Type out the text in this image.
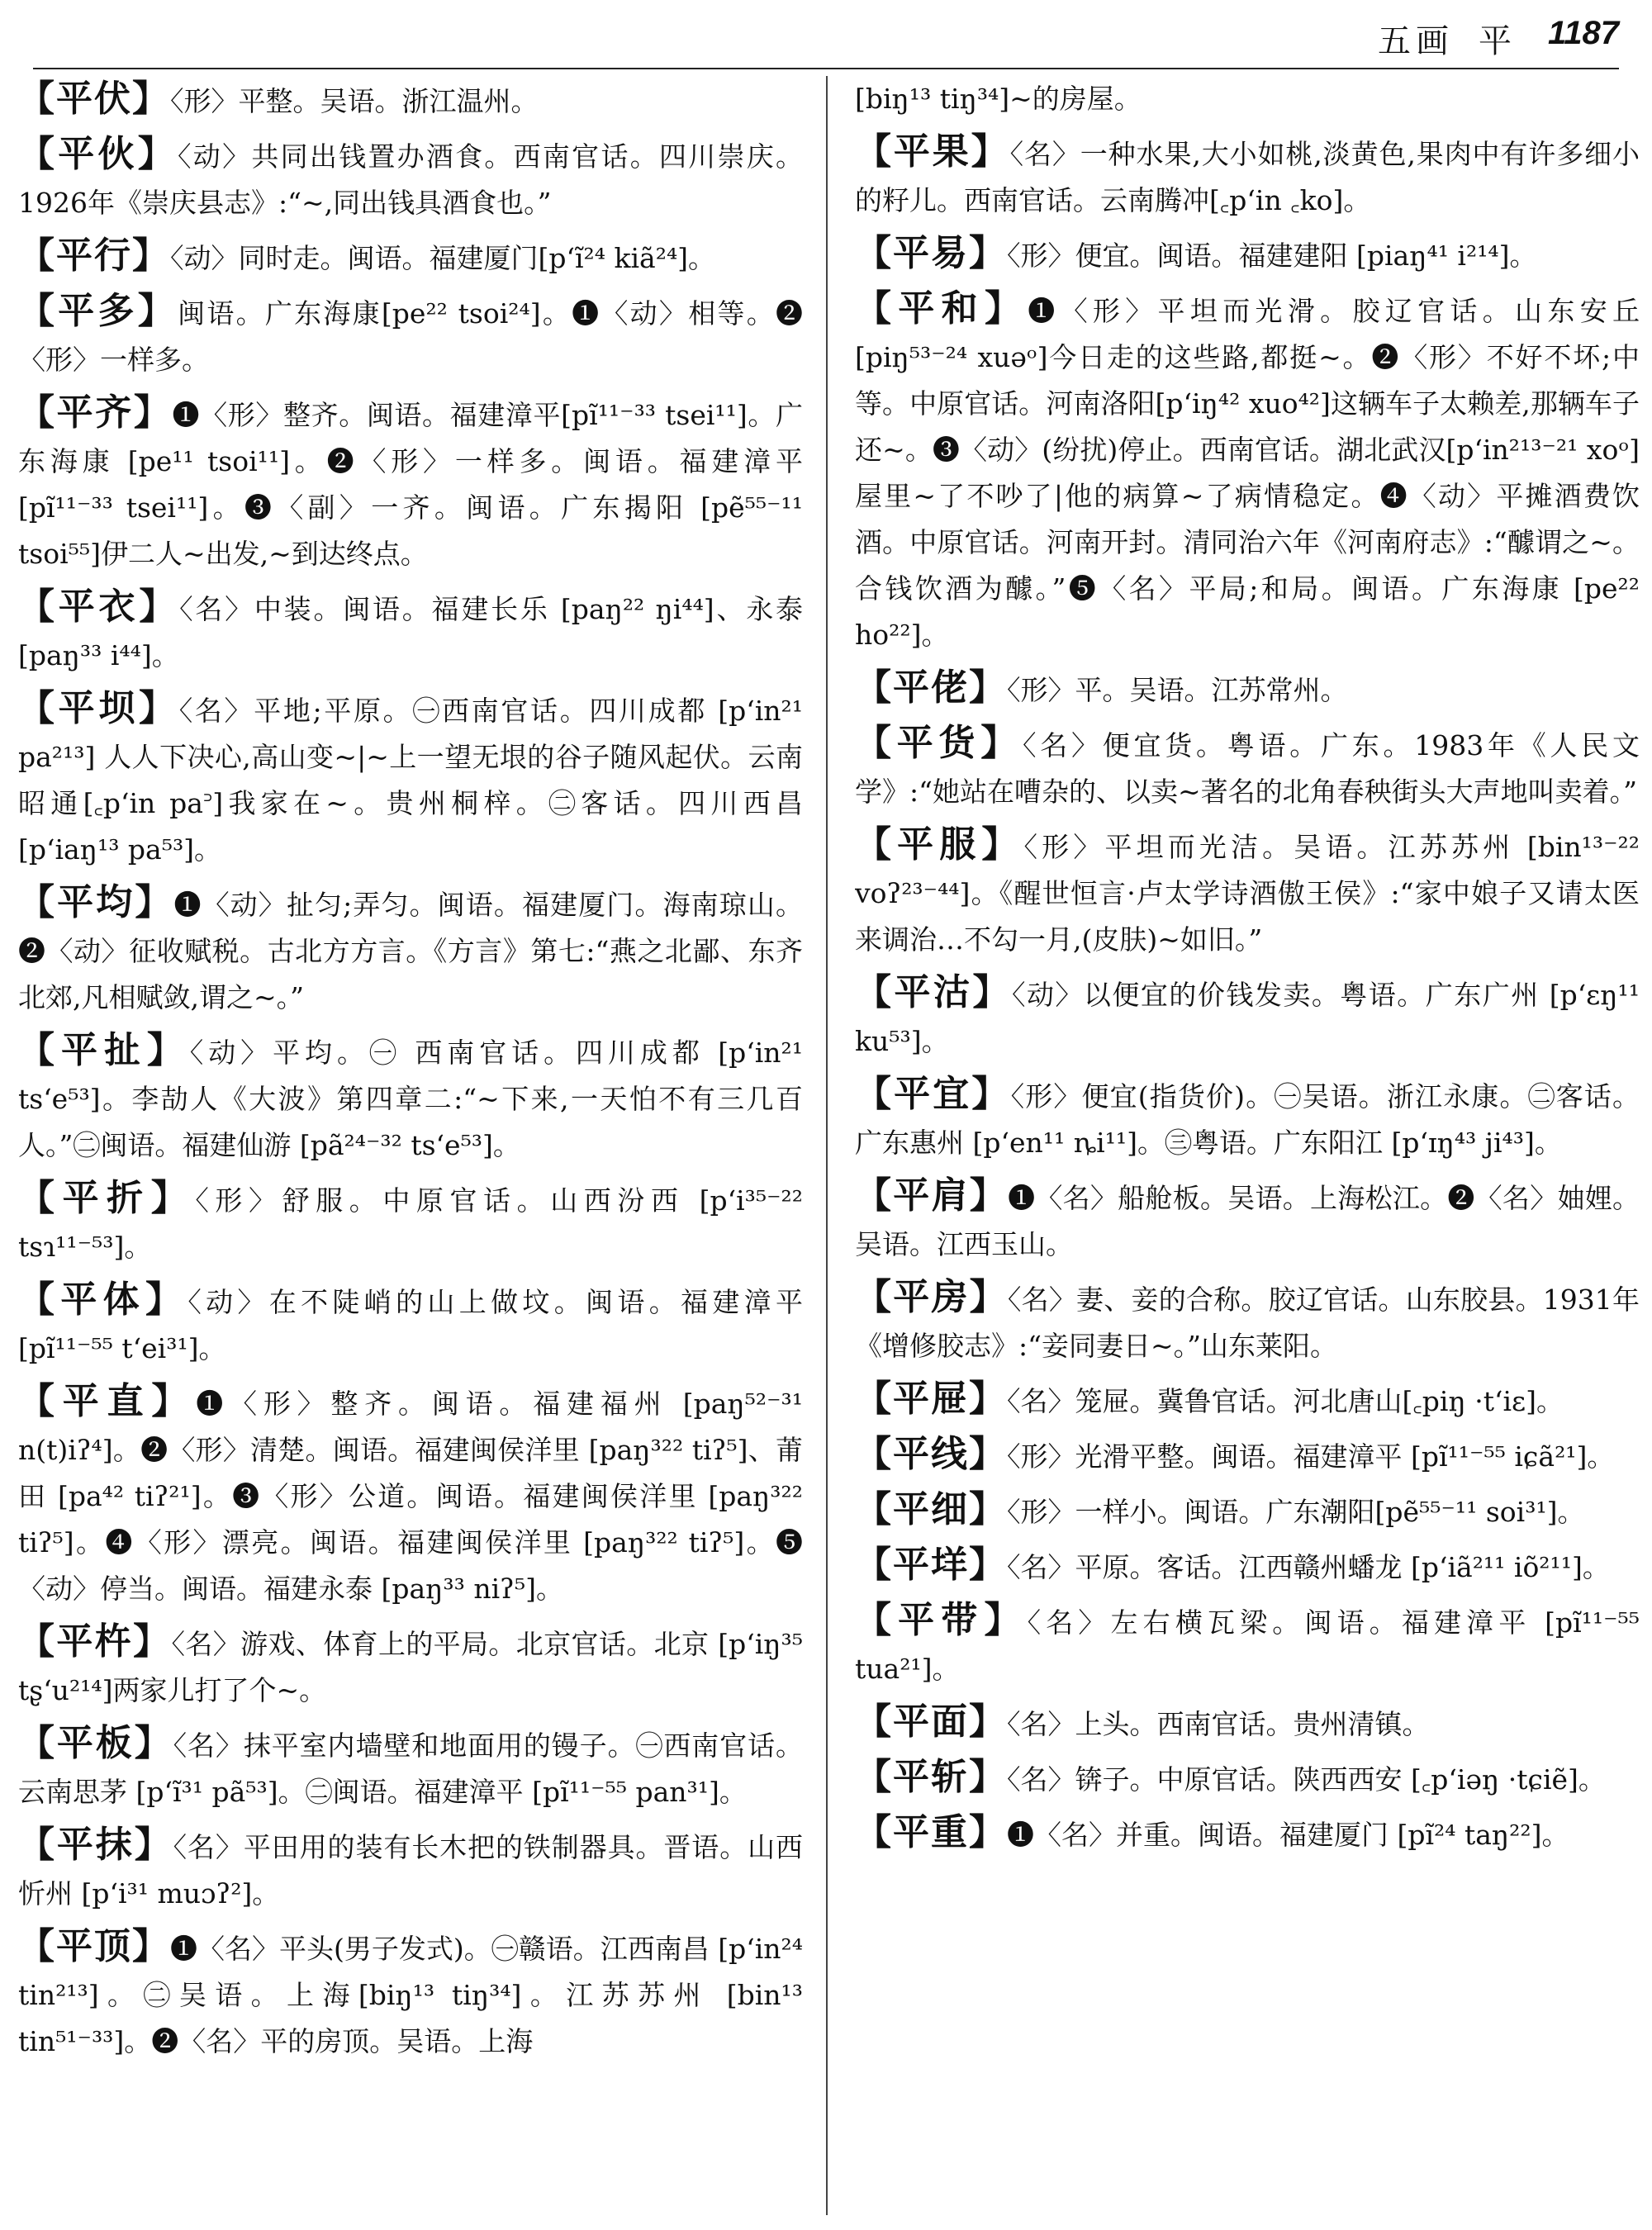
五画 平 1187

【平伏】〈形〉平整。吴语。浙江温州。

【平伙】〈动〉共同出钱置办酒食。西南官话。四川崇庆。1926年《崇庆县志》:“~,同出钱具酒食也。”

【平行】〈动〉同时走。闽语。福建厦门[p‘ĩ²⁴ kiã²⁴]。

【平多】闽语。广东海康[pe²² tsoi²⁴]。❶〈动〉相等。❷〈形〉一样多。

【平齐】❶〈形〉整齐。闽语。福建漳平[pĩ¹¹⁻³³ tsei¹¹]。广东海康 [pe¹¹ tsoi¹¹]。❷〈形〉一样多。闽语。福建漳平 [pĩ¹¹⁻³³ tsei¹¹]。❸〈副〉一齐。闽语。广东揭阳 [pẽ⁵⁵⁻¹¹ tsoi⁵⁵]伊二人~出发,~到达终点。

【平衣】〈名〉中装。闽语。福建长乐 [paŋ²² ŋi⁴⁴]、永泰 [paŋ³³ i⁴⁴]。

【平坝】〈名〉平地;平原。㊀西南官话。四川成都 [p‘in²¹ pa²¹³] 人人下决心,高山变~|~上一望无垠的谷子随风起伏。云南昭通[꜀p‘in pa꜄]我家在~。贵州桐梓。㊁客话。四川西昌 [p‘iaŋ¹³ pa⁵³]。

【平均】❶〈动〉扯匀;弄匀。闽语。福建厦门。海南琼山。❷〈动〉征收赋税。古北方方言。《方言》第七:“燕之北鄙、东齐北郊,凡相赋敛,谓之~。”

【平扯】〈动〉平均。㊀ 西南官话。四川成都 [p‘in²¹ ts‘e⁵³]。李劼人《大波》第四章二:“~下来,一天怕不有三几百人。”㊁闽语。福建仙游 [pã²⁴⁻³² ts‘e⁵³]。

【平折】〈形〉舒服。中原官话。山西汾西 [p‘i³⁵⁻²² tsɿ¹¹⁻⁵³]。

【平体】〈动〉在不陡峭的山上做坟。闽语。福建漳平 [pĩ¹¹⁻⁵⁵ t‘ei³¹]。

【平直】❶〈形〉整齐。闽语。福建福州 [paŋ⁵²⁻³¹ n(t)iʔ⁴]。❷〈形〉清楚。闽语。福建闽侯洋里 [paŋ³²² tiʔ⁵]、莆田 [pa⁴² tiʔ²¹]。❸〈形〉公道。闽语。福建闽侯洋里 [paŋ³²² tiʔ⁵]。❹〈形〉漂亮。闽语。福建闽侯洋里 [paŋ³²² tiʔ⁵]。❺〈动〉停当。闽语。福建永泰 [paŋ³³ niʔ⁵]。

【平杵】〈名〉游戏、体育上的平局。北京官话。北京 [p‘iŋ³⁵ tʂ‘u²¹⁴]两家儿打了个~。

【平板】〈名〉抹平室内墙壁和地面用的镘子。㊀西南官话。云南思茅 [p‘ĩ³¹ pã⁵³]。㊁闽语。福建漳平 [pĩ¹¹⁻⁵⁵ pan³¹]。

【平抹】〈名〉平田用的装有长木把的铁制器具。晋语。山西忻州 [p‘i³¹ muɔʔ²]。

【平顶】❶〈名〉平头(男子发式)。㊀赣语。江西南昌 [p‘in²⁴ tin²¹³]。㊁吴语。上海[biŋ¹³ tiŋ³⁴]。江苏苏州 [bin¹³ tin⁵¹⁻³³]。❷〈名〉平的房顶。吴语。上海

[biŋ¹³ tiŋ³⁴]~的房屋。

【平果】〈名〉一种水果,大小如桃,淡黄色,果肉中有许多细小的籽儿。西南官话。云南腾冲[꜀p‘in ꜀ko]。

【平易】〈形〉便宜。闽语。福建建阳 [piaŋ⁴¹ i²¹⁴]。

【平和】❶〈形〉平坦而光滑。胶辽官话。山东安丘 [piŋ⁵³⁻²⁴ xuəᵒ]今日走的这些路,都挺~。❷〈形〉不好不坏;中等。中原官话。河南洛阳[p‘iŋ⁴² xuo⁴²]这辆车子太赖差,那辆车子还~。❸〈动〉(纷扰)停止。西南官话。湖北武汉[p‘in²¹³⁻²¹ xoᵒ]屋里~了不吵了|他的病算~了病情稳定。❹〈动〉平摊酒费饮酒。中原官话。河南开封。清同治六年《河南府志》:“醵谓之~。合钱饮酒为醵。”❺〈名〉平局;和局。闽语。广东海康 [pe²² ho²²]。

【平佬】〈形〉平。吴语。江苏常州。

【平货】〈名〉便宜货。粤语。广东。1983年《人民文学》:“她站在嘈杂的、以卖~著名的北角春秧街头大声地叫卖着。”

【平服】〈形〉平坦而光洁。吴语。江苏苏州 [bin¹³⁻²² voʔ²³⁻⁴⁴]。《醒世恒言·卢太学诗酒傲王侯》:“家中娘子又请太医来调治…不勾一月,(皮肤)~如旧。”

【平沽】〈动〉以便宜的价钱发卖。粤语。广东广州 [p‘ɛŋ¹¹ ku⁵³]。

【平宜】〈形〉便宜(指货价)。㊀吴语。浙江永康。㊁客话。广东惠州 [p‘en¹¹ ȵi¹¹]。㊂粤语。广东阳江 [p‘ɪŋ⁴³ ji⁴³]。

【平肩】❶〈名〉船舱板。吴语。上海松江。❷〈名〉妯娌。吴语。江西玉山。

【平房】〈名〉妻、妾的合称。胶辽官话。山东胶县。1931年《增修胶志》:“妾同妻日~。”山东莱阳。

【平屉】〈名〉笼屉。冀鲁官话。河北唐山[꜀piŋ ·t‘iɛ]。

【平线】〈形〉光滑平整。闽语。福建漳平 [pĩ¹¹⁻⁵⁵ iɕã²¹]。

【平细】〈形〉一样小。闽语。广东潮阳[pẽ⁵⁵⁻¹¹ soi³¹]。

【平垟】〈名〉平原。客话。江西赣州蟠龙 [p‘iã²¹¹ iõ²¹¹]。

【平带】〈名〉左右横瓦梁。闽语。福建漳平 [pĩ¹¹⁻⁵⁵ tua²¹]。

【平面】〈名〉上头。西南官话。贵州清镇。

【平斩】〈名〉锛子。中原官话。陕西西安 [꜀p‘iəŋ ·tɕiẽ]。

【平重】❶〈名〉并重。闽语。福建厦门 [pĩ²⁴ taŋ²²]。
